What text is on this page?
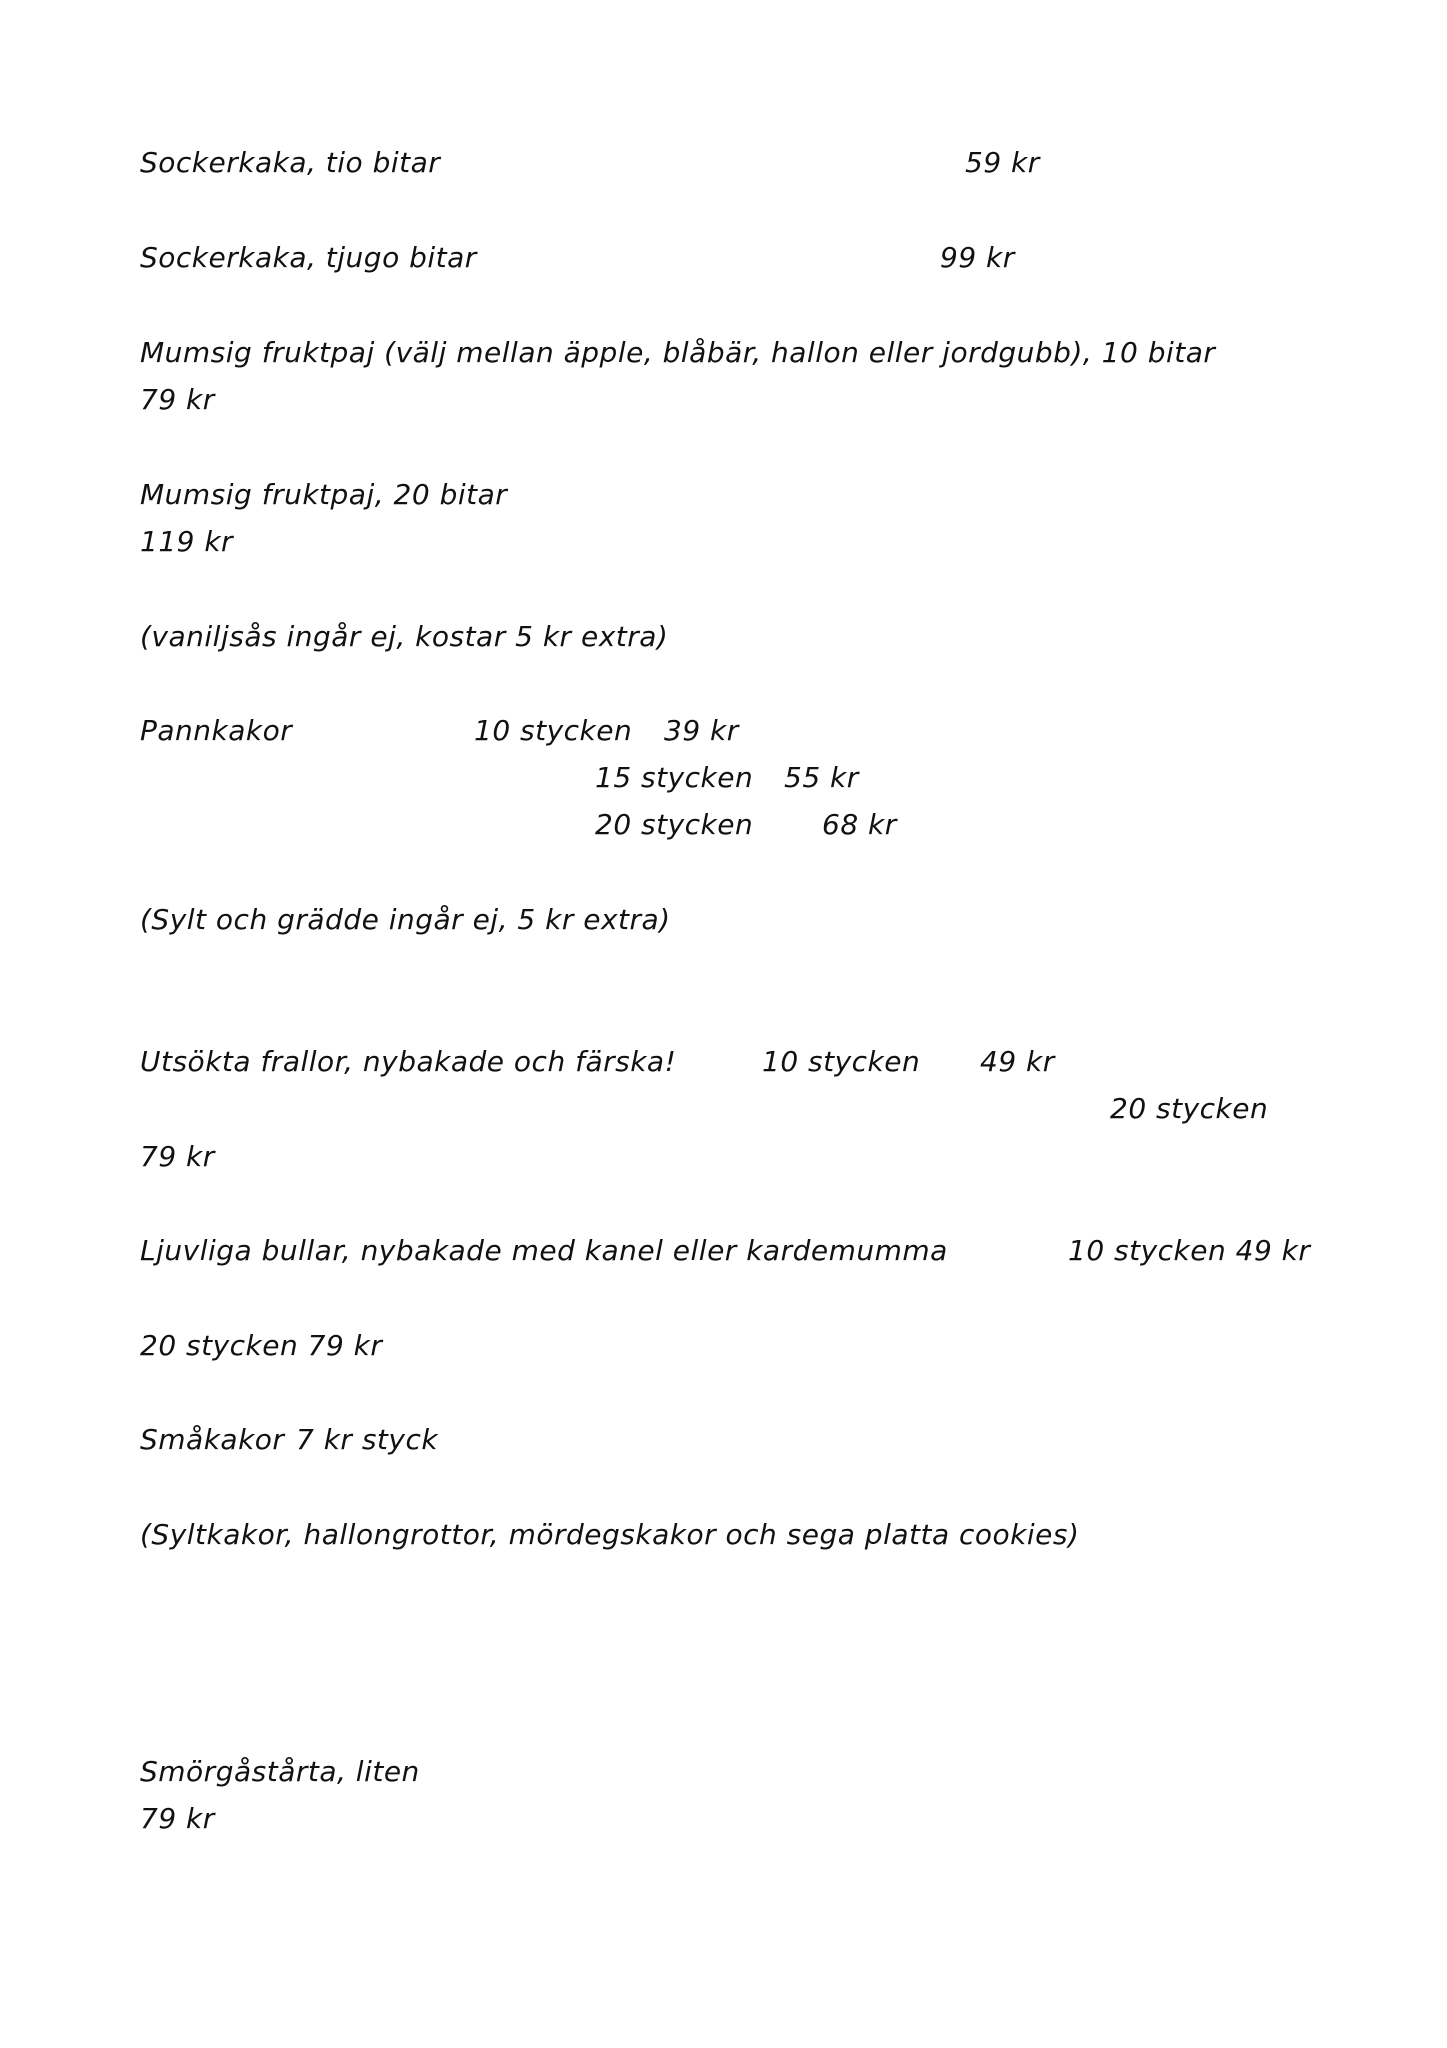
Sockerkaka, tio bitar	59 kr
Sockerkaka, tjugo bitar	99 kr
Mumsig fruktpaj (välj mellan äpple, blåbär, hallon eller jordgubb), 10 bitar
79 kr
Mumsig fruktpaj, 20 bitar
119 kr
(vaniljsås ingår ej, kostar 5 kr extra)
Pannkakor	10 stycken 39 kr
15 stycken 55 kr
20 stycken 68 kr
(Sylt och grädde ingår ej, 5 kr extra)
Utsökta frallor, nybakade och färska!	10 stycken 49 kr
20 stycken
79 kr
Ljuvliga bullar, nybakade med kanel eller kardemumma	10 stycken 49 kr
20 stycken 79 kr
Småkakor 7 kr styck
(Syltkakor, hallongrottor, mördegskakor och sega platta cookies)
Smörgåstårta, liten
79 kr
